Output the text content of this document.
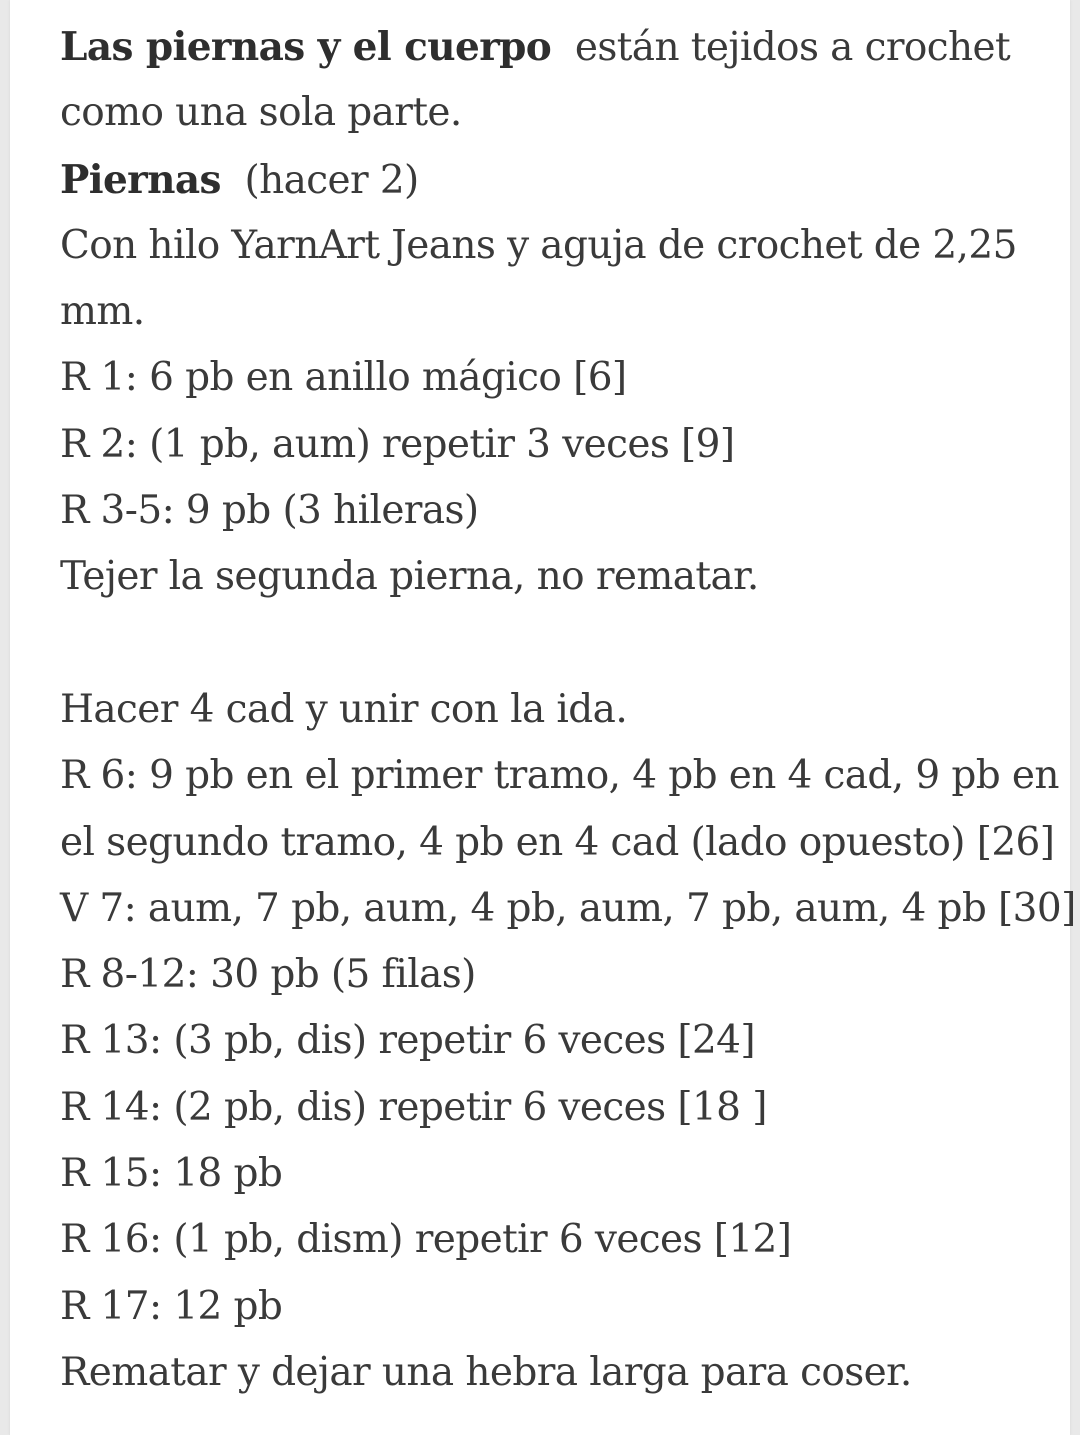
Las piernas y el cuerpo están tejidos a crochet
como una sola parte.
Piernas (hacer 2)
Con hilo YarnArt Jeans y aguja de crochet de 2,25
mm.
R 1: 6 pb en anillo mágico [6]
R 2: (1 pb, aum) repetir 3 veces [9]
R 3-5: 9 pb (3 hileras)
Tejer la segunda pierna, no rematar.
Hacer 4 cad y unir con la ida.
R 6: 9 pb en el primer tramo, 4 pb en 4 cad, 9 pb en
el segundo tramo, 4 pb en 4 cad (lado opuesto) [26]
V 7: aum, 7 pb, aum, 4 pb, aum, 7 pb, aum, 4 pb [30]
R 8-12: 30 pb (5 filas)
R 13: (3 pb, dis) repetir 6 veces [24]
R 14: (2 pb, dis) repetir 6 veces [18 ]
R 15: 18 pb
R 16: (1 pb, dism) repetir 6 veces [12]
R 17: 12 pb
Rematar y dejar una hebra larga para coser.
